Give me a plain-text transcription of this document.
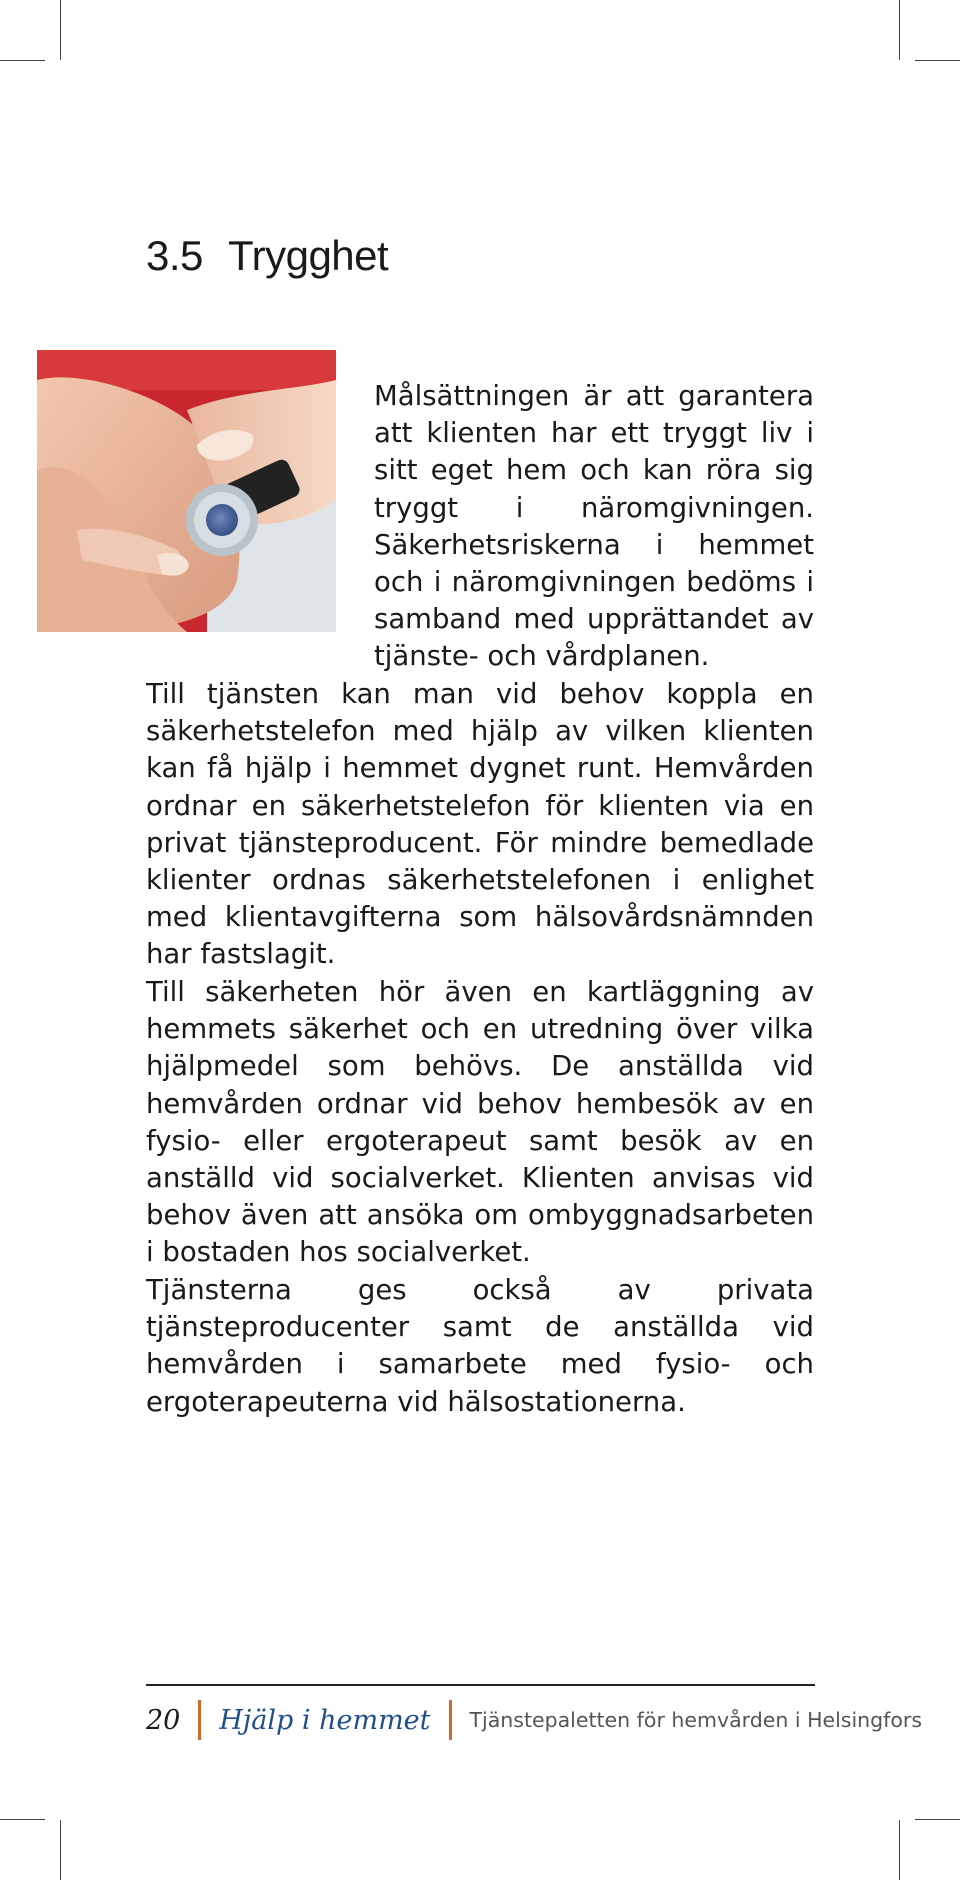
3.5 Trygghet

Målsättningen är att garantera att klienten har ett tryggt liv i sitt eget hem och kan röra sig tryggt i näromgivningen. Säkerhetsriskerna i hemmet och i näromgivningen bedöms i samband med upprättandet av tjänste- och vårdplanen.

Till tjänsten kan man vid behov koppla en säkerhetstelefon med hjälp av vilken klienten kan få hjälp i hemmet dygnet runt. Hemvården ordnar en säkerhetstelefon för klienten via en privat tjänsteproducent. För mindre bemedlade klienter ordnas säkerhetstelefonen i enlighet med klientavgifterna som hälsovårdsnämnden har fastslagit.

Till säkerheten hör även en kartläggning av hemmets säkerhet och en utredning över vilka hjälpmedel som behövs. De anställda vid hemvården ordnar vid behov hembesök av en fysio- eller ergoterapeut samt besök av en anställd vid socialverket. Klienten anvisas vid behov även att ansöka om ombyggnadsarbeten i bostaden hos socialverket.

Tjänsterna ges också av privata tjänsteproducenter samt de anställda vid hemvården i samarbete med fysio- och ergoterapeuterna vid hälsostationerna.

20 Hjälp i hemmet Tjänstepaletten för hemvården i Helsingfors
